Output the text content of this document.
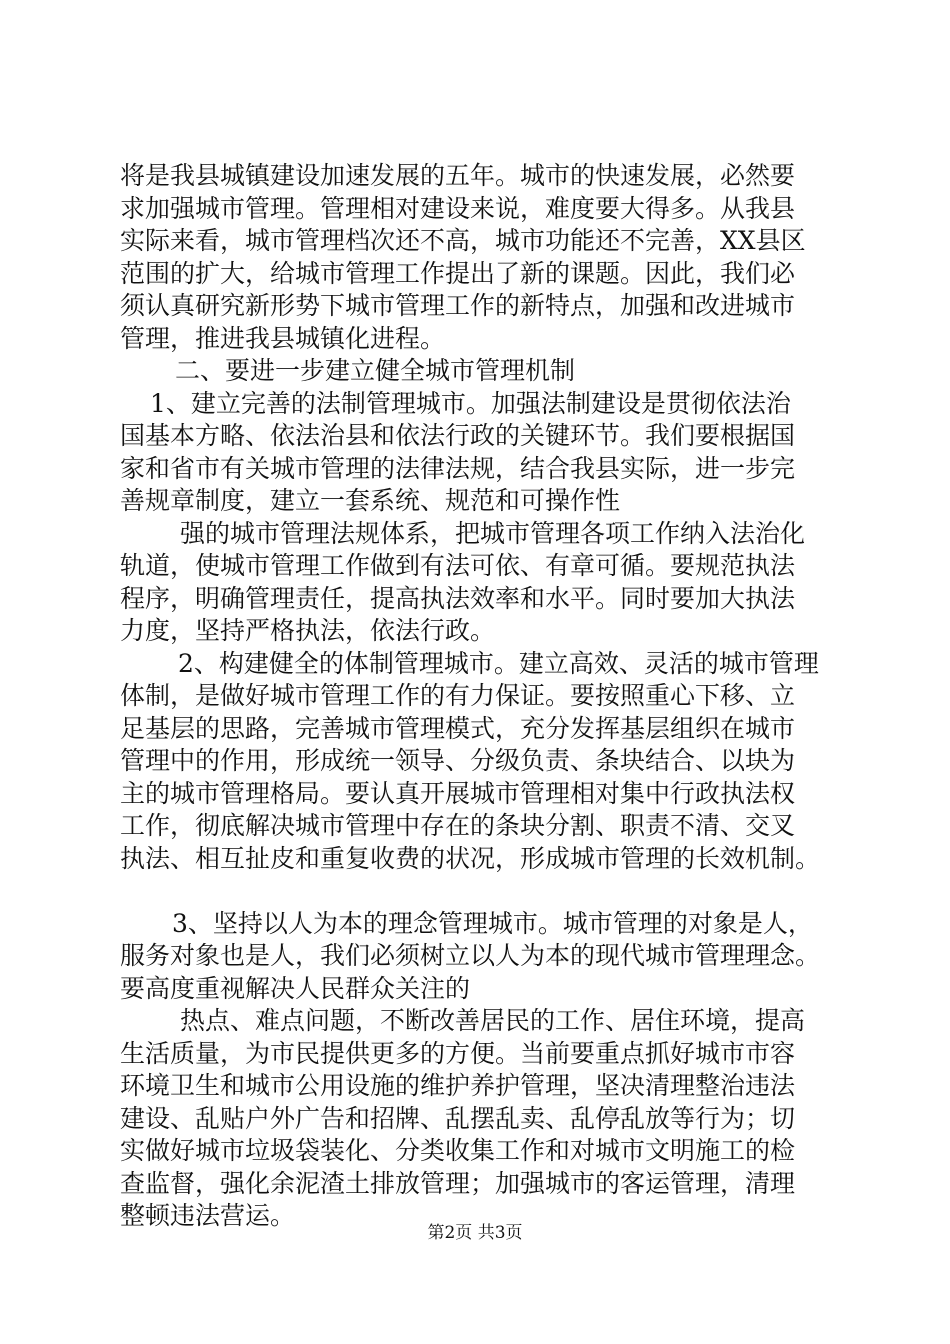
将是我县城镇建设加速发展的五年。城市的快速发展，必然要
求加强城市管理。管理相对建设来说，难度要大得多。从我县
实际来看，城市管理档次还不高，城市功能还不完善，XX县区
范围的扩大，给城市管理工作提出了新的课题。因此，我们必
须认真研究新形势下城市管理工作的新特点，加强和改进城市
管理，推进我县城镇化进程。
二、要进一步建立健全城市管理机制
1、建立完善的法制管理城市。加强法制建设是贯彻依法治
国基本方略、依法治县和依法行政的关键环节。我们要根据国
家和省市有关城市管理的法律法规，结合我县实际，进一步完
善规章制度，建立一套系统、规范和可操作性
强的城市管理法规体系，把城市管理各项工作纳入法治化
轨道，使城市管理工作做到有法可依、有章可循。要规范执法
程序，明确管理责任，提高执法效率和水平。同时要加大执法
力度，坚持严格执法，依法行政。
2、构建健全的体制管理城市。建立高效、灵活的城市管理
体制，是做好城市管理工作的有力保证。要按照重心下移、立
足基层的思路，完善城市管理模式，充分发挥基层组织在城市
管理中的作用，形成统一领导、分级负责、条块结合、以块为
主的城市管理格局。要认真开展城市管理相对集中行政执法权
工作，彻底解决城市管理中存在的条块分割、职责不清、交叉
执法、相互扯皮和重复收费的状况，形成城市管理的长效机制。
3、坚持以人为本的理念管理城市。城市管理的对象是人，
服务对象也是人，我们必须树立以人为本的现代城市管理理念。
要高度重视解决人民群众关注的
热点、难点问题，不断改善居民的工作、居住环境，提高
生活质量，为市民提供更多的方便。当前要重点抓好城市市容
环境卫生和城市公用设施的维护养护管理，坚决清理整治违法
建设、乱贴户外广告和招牌、乱摆乱卖、乱停乱放等行为；切
实做好城市垃圾袋装化、分类收集工作和对城市文明施工的检
查监督，强化余泥渣土排放管理；加强城市的客运管理，清理
整顿违法营运。
第2页 共3页
